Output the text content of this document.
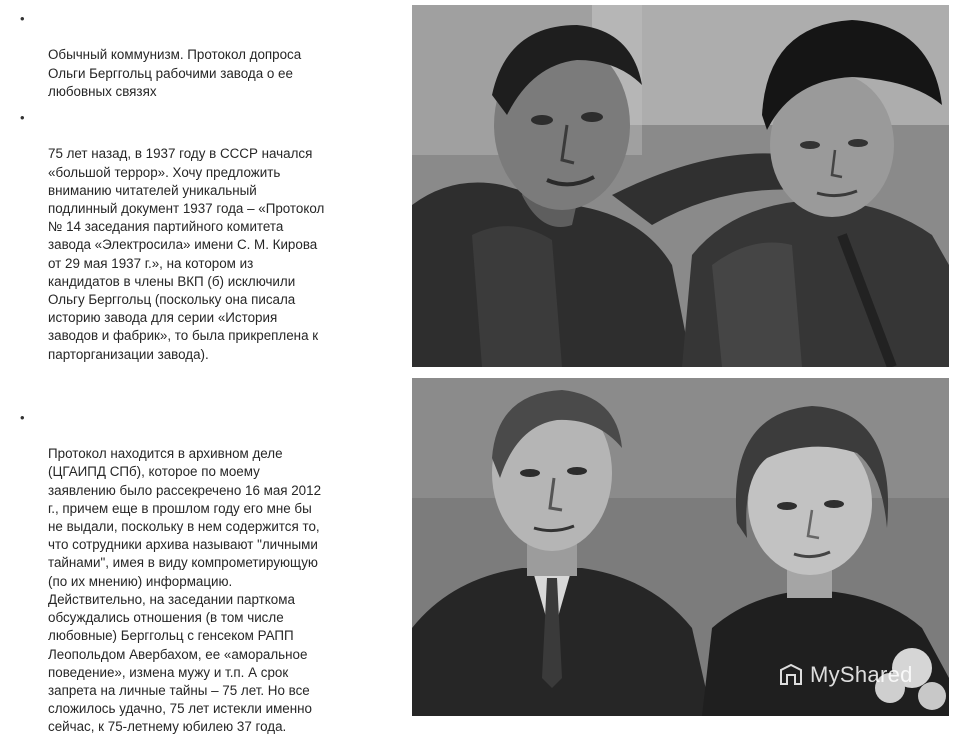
•

Обычный коммунизм. Протокол допроса
Ольги Берггольц рабочими завода о ее
любовных связях

•

75 лет назад, в 1937 году в СССР начался
«большой террор». Хочу предложить
вниманию читателей уникальный
подлинный документ 1937 года – «Протокол
№ 14 заседания партийного комитета
завода «Электросила» имени С. М. Кирова
от 29 мая 1937 г.», на котором из
кандидатов в члены ВКП (б) исключили
Ольгу Берггольц (поскольку она писала
историю завода для серии «История
заводов и фабрик», то была прикреплена к
парторганизации завода).

•

Протокол находится в архивном деле
(ЦГАИПД СПб), которое по моему
заявлению было рассекречено 16 мая 2012
г., причем еще в прошлом году его мне бы
не выдали, поскольку в нем содержится то,
что сотрудники архива называют "личными
тайнами", имея в виду компрометирующую
(по их мнению) информацию.
Действительно, на заседании парткома
обсуждались отношения (в том числе
любовные) Берггольц с генсеком РАПП
Леопольдом Авербахом, ее «аморальное
поведение», измена мужу и т.п. А срок
запрета на личные тайны – 75 лет. Но все
сложилось удачно, 75 лет истекли именно
сейчас, к 75-летнему юбилею 37 года.

MyShared
